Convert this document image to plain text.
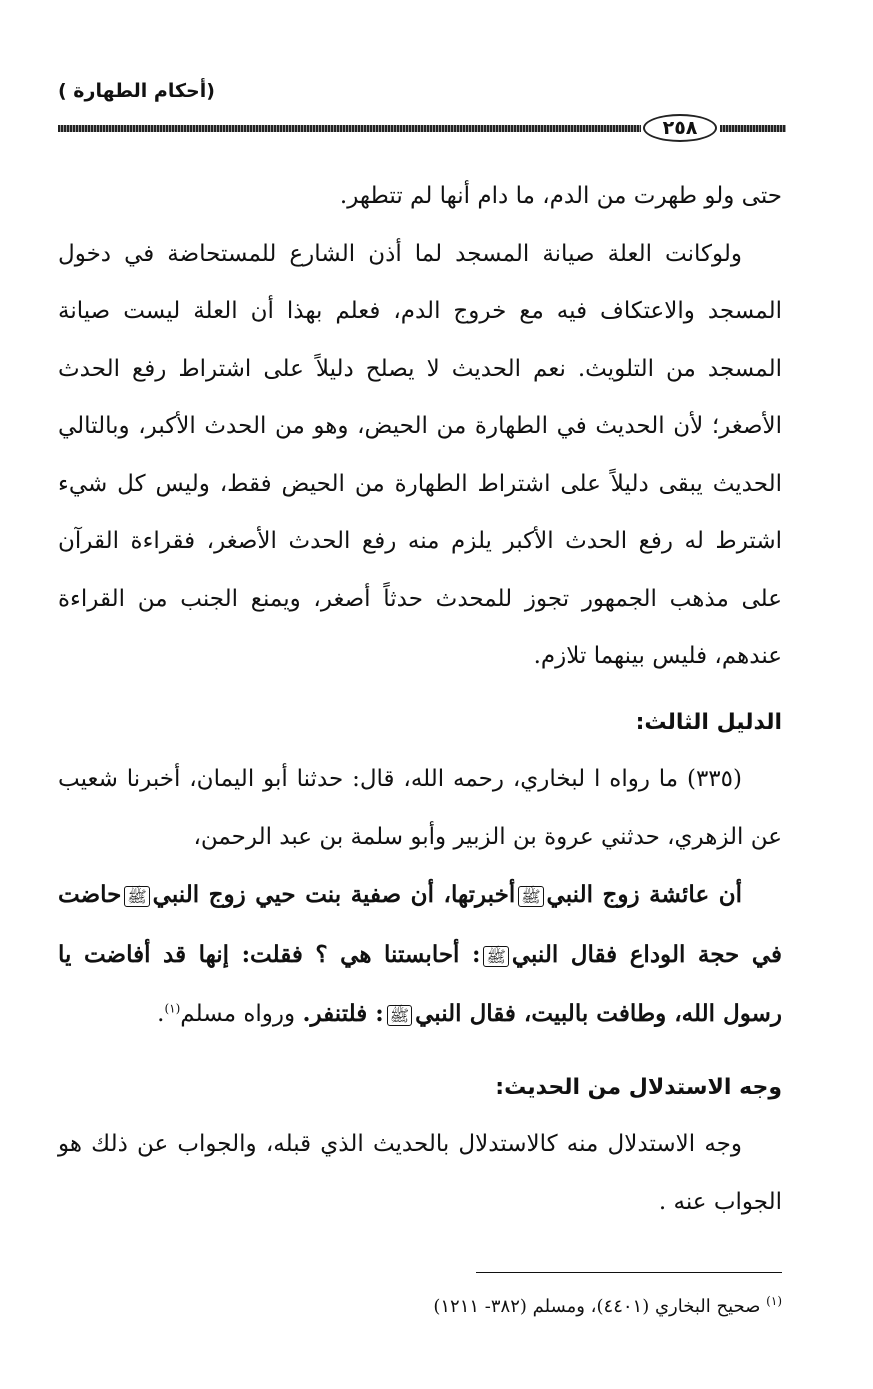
(أحكام الطهارة )
٢٥٨

حتى ولو طهرت من الدم، ما دام أنها لم تتطهر.

ولوكانت العلة صيانة المسجد لما أذن الشارع للمستحاضة في دخول المسجد والاعتكاف فيه مع خروج الدم، فعلم بهذا أن العلة ليست صيانة المسجد من التلويث. نعم الحديث لا يصلح دليلاً على اشتراط رفع الحدث الأصغر؛ لأن الحديث في الطهارة من الحيض، وهو من الحدث الأكبر، وبالتالي الحديث يبقى دليلاً على اشتراط الطهارة من الحيض فقط، وليس كل شيء اشترط له رفع الحدث الأكبر يلزم منه رفع الحدث الأصغر، فقراءة القرآن على مذهب الجمهور تجوز للمحدث حدثاً أصغر، ويمنع الجنب من القراءة عندهم، فليس بينهما تلازم.

الدليل الثالث:

(٣٣٥) ما رواه ا لبخاري، رحمه الله، قال: حدثنا أبو اليمان، أخبرنا شعيب عن الزهري، حدثني عروة بن الزبير وأبو سلمة بن عبد الرحمن،

أن عائشة زوج النبيﷺأخبرتها، أن صفية بنت حيي زوج النبيﷺحاضت في حجة الوداع فقال النبيﷺ: أحابستنا هي ؟ فقلت: إنها قد أفاضت يا رسول الله، وطافت بالبيت، فقال النبيﷺ: فلتنفر. ورواه مسلم$^{(١)}$.

وجه الاستدلال من الحديث:

وجه الاستدلال منه كالاستدلال بالحديث الذي قبله، والجواب عن ذلك هو الجواب عنه .

$^{(١)}$ صحيح البخاري (٤٤٠١)، ومسلم (٣٨٢- ١٢١١)
